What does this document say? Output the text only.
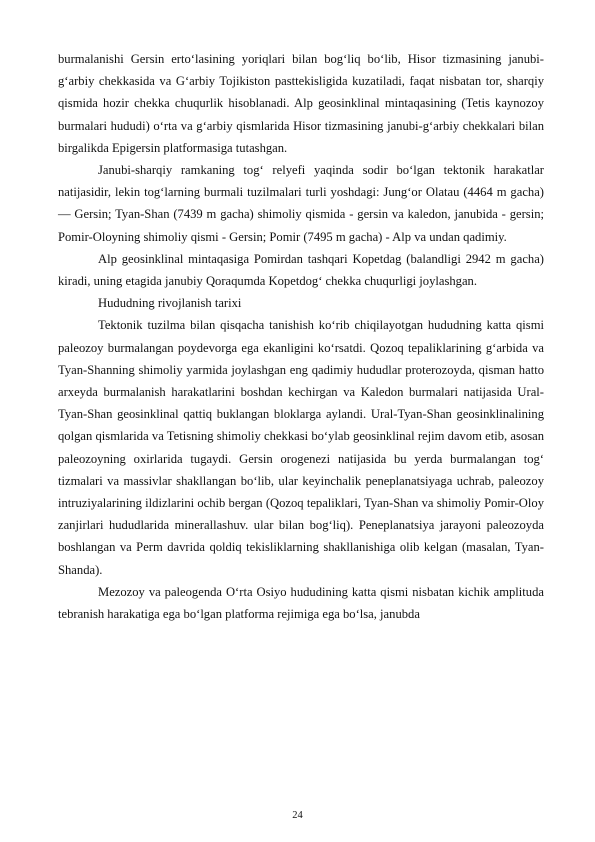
burmalanishi Gersin ertoʻlasining yoriqlari bilan bogʻliq boʻlib, Hisor tizmasining janubi-gʻarbiy chekkasida va Gʻarbiy Tojikiston pasttekisligida kuzatiladi, faqat nisbatan tor, sharqiy qismida hozir chekka chuqurlik hisoblanadi. Alp geosinklinal mintaqasining (Tetis kaynozoy burmalari hududi) oʻrta va gʻarbiy qismlarida Hisor tizmasining janubi-gʻarbiy chekkalari bilan birgalikda Epigersin platformasiga tutashgan.

Janubi-sharqiy ramkaning togʻ relyefi yaqinda sodir boʻlgan tektonik harakatlar natijasidir, lekin togʻlarning burmali tuzilmalari turli yoshdagi: Jungʻor Olatau (4464 m gacha) — Gersin; Tyan-Shan (7439 m gacha) shimoliy qismida - gersin va kaledon, janubida - gersin; Pomir-Oloyning shimoliy qismi - Gersin; Pomir (7495 m gacha) - Alp va undan qadimiy.

Alp geosinklinal mintaqasiga Pomirdan tashqari Kopetdag (balandligi 2942 m gacha) kiradi, uning etagida janubiy Qoraqumda Kopetdog‘ chekka chuqurligi joylashgan.

Hududning rivojlanish tarixi

Tektonik tuzilma bilan qisqacha tanishish koʻrib chiqilayotgan hududning katta qismi paleozoy burmalangan poydevorga ega ekanligini koʻrsatdi. Qozoq tepaliklarining gʻarbida va Tyan-Shanning shimoliy yarmida joylashgan eng qadimiy hududlar proterozoyda, qisman hatto arxeyda burmalanish harakatlarini boshdan kechirgan va Kaledon burmalari natijasida Ural-Tyan-Shan geosinklinal qattiq buklangan bloklarga aylandi. Ural-Tyan-Shan geosinklinalining qolgan qismlarida va Tetisning shimoliy chekkasi boʻylab geosinklinal rejim davom etib, asosan paleozoyning oxirlarida tugaydi. Gersin orogenezi natijasida bu yerda burmalangan togʻ tizmalari va massivlar shakllangan boʻlib, ular keyinchalik peneplanatsiyaga uchrab, paleozoy intruziyalarining ildizlarini ochib bergan (Qozoq tepaliklari, Tyan-Shan va shimoliy Pomir-Oloy zanjirlari hududlarida minerallashuv. ular bilan bogʻliq). Peneplanatsiya jarayoni paleozoyda boshlangan va Perm davrida qoldiq tekisliklarning shakllanishiga olib kelgan (masalan, Tyan-Shanda).

Mezozoy va paleogenda Oʻrta Osiyo hududining katta qismi nisbatan kichik amplituda tebranish harakatiga ega boʻlgan platforma rejimiga ega boʻlsa, janubda

24
